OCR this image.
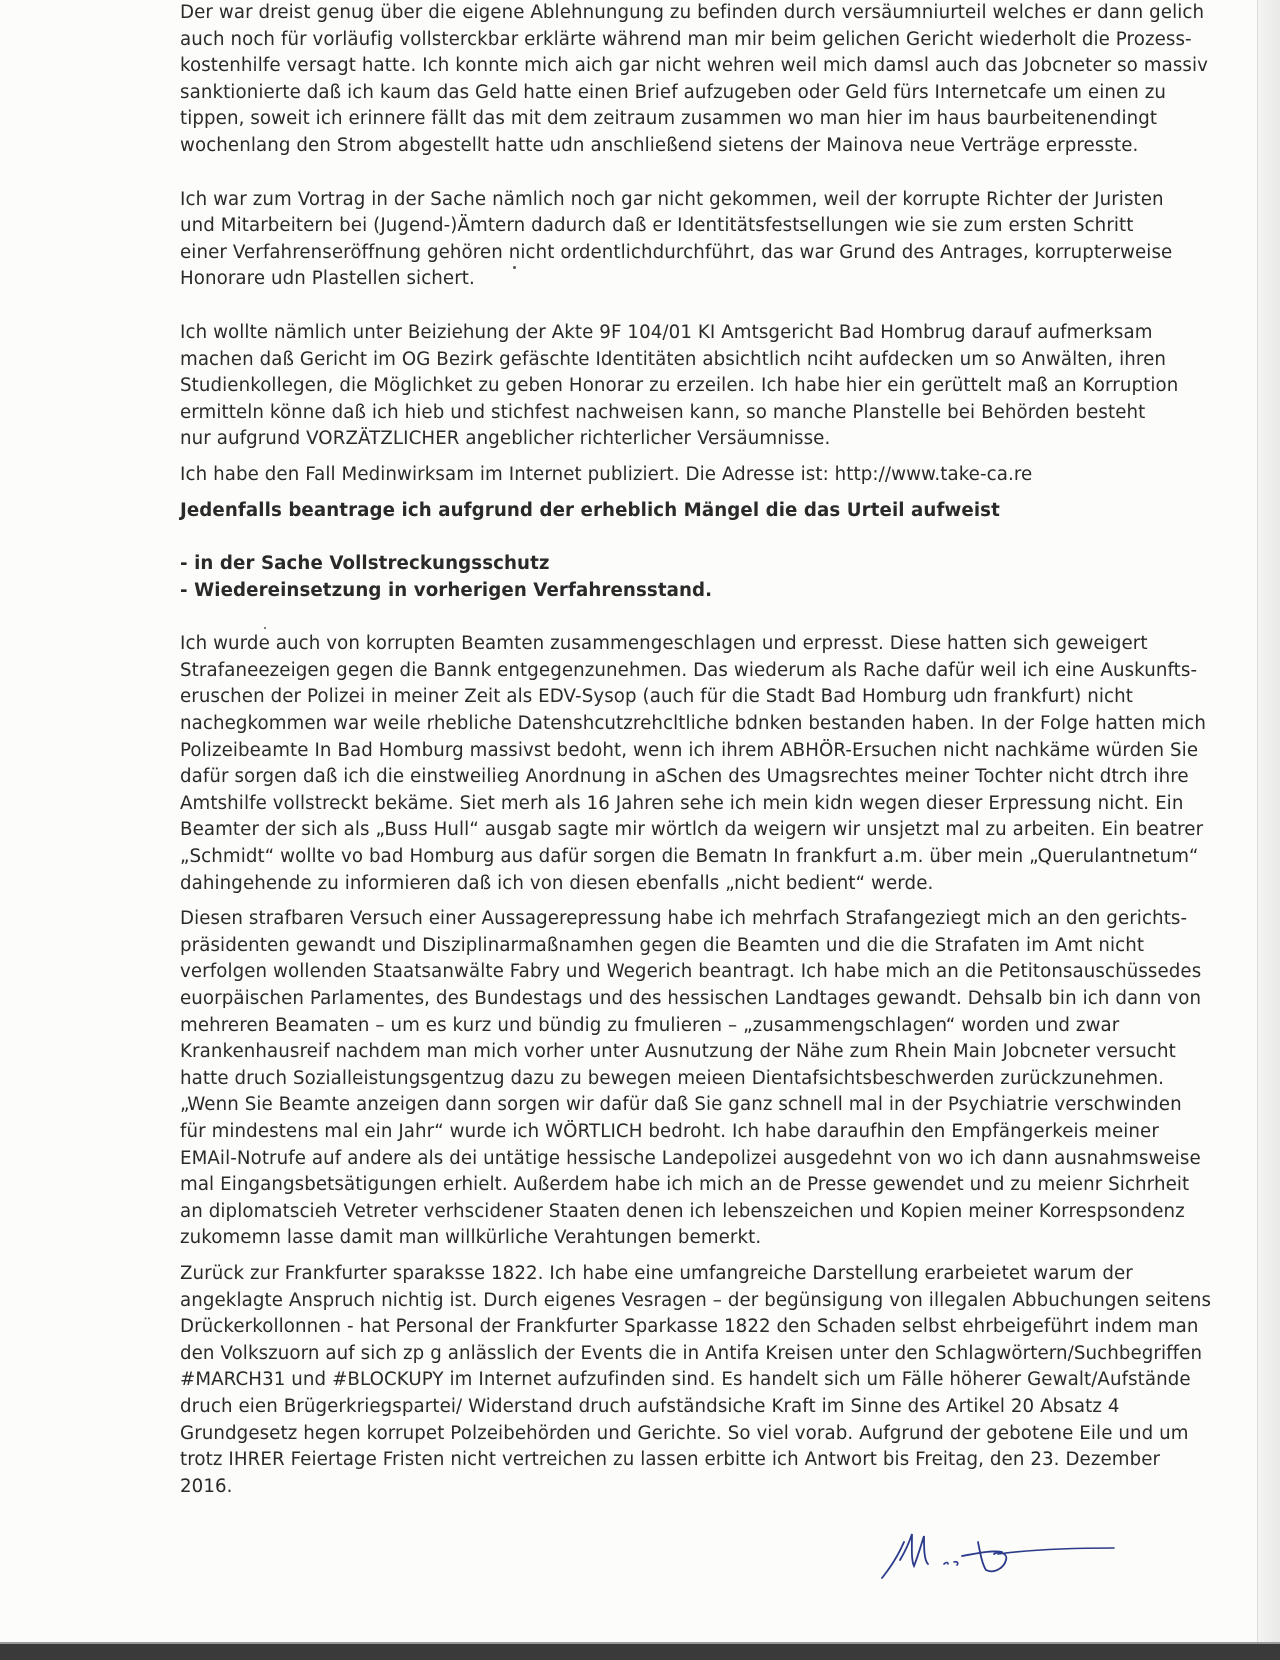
Der war dreist genug über die eigene Ablehnungung zu befinden durch versäumniurteil welches er dann gelich
auch noch für vorläufig vollsterckbar erklärte während man mir beim gelichen Gericht wiederholt die Prozess-
kostenhilfe versagt hatte. Ich konnte mich aich gar nicht wehren weil mich damsl auch das Jobcneter so massiv
sanktionierte daß ich kaum das Geld hatte einen Brief aufzugeben oder Geld fürs Internetcafe um einen zu
tippen, soweit ich erinnere fällt das mit dem zeitraum zusammen wo man hier im haus baurbeitenendingt
wochenlang den Strom abgestellt hatte udn anschließend sietens der Mainova neue Verträge erpresste.

Ich war zum Vortrag in der Sache nämlich noch gar nicht gekommen, weil der korrupte Richter der Juristen
und Mitarbeitern bei (Jugend-)Ämtern dadurch daß er Identitätsfestsellungen wie sie zum ersten Schritt
einer Verfahrenseröffnung gehören nicht ordentlichdurchführt, das war Grund des Antrages, korrupterweise
Honorare udn Plastellen sichert.

Ich wollte nämlich unter Beiziehung der Akte 9F 104/01 KI Amtsgericht Bad Hombrug darauf aufmerksam
machen daß Gericht im OG Bezirk gefäschte Identitäten absichtlich nciht aufdecken um so Anwälten, ihren
Studienkollegen, die Möglichket zu geben Honorar zu erzeilen. Ich habe hier ein gerüttelt maß an Korruption
ermitteln könne daß ich hieb und stichfest nachweisen kann, so manche Planstelle bei Behörden besteht
nur aufgrund VORZÄTZLICHER angeblicher richterlicher Versäumnisse.

Ich habe den Fall Medinwirksam im Internet publiziert. Die Adresse ist: http://www.take-ca.re

Jedenfalls beantrage ich aufgrund der erheblich Mängel die das Urteil aufweist

- in der Sache Vollstreckungsschutz
- Wiedereinsetzung in vorherigen Verfahrensstand.

Ich wurde auch von korrupten Beamten zusammengeschlagen und erpresst. Diese hatten sich geweigert
Strafaneezeigen gegen die Bannk entgegenzunehmen. Das wiederum als Rache dafür weil ich eine Auskunfts-
eruschen der Polizei in meiner Zeit als EDV-Sysop (auch für die Stadt Bad Homburg udn frankfurt) nicht
nachegkommen war weile rhebliche Datenshcutzrehcltliche bdnken bestanden haben. In der Folge hatten mich
Polizeibeamte In Bad Homburg massivst bedoht, wenn ich ihrem ABHÖR-Ersuchen nicht nachkäme würden Sie
dafür sorgen daß ich die einstweilieg Anordnung in aSchen des Umagsrechtes meiner Tochter nicht dtrch ihre
Amtshilfe vollstreckt bekäme. Siet merh als 16 Jahren sehe ich mein kidn wegen dieser Erpressung nicht. Ein
Beamter der sich als „Buss Hull“ ausgab sagte mir wörtlch da weigern wir unsjetzt mal zu arbeiten. Ein beatrer
„Schmidt“ wollte vo bad Homburg aus dafür sorgen die Bematn In frankfurt a.m. über mein „Querulantnetum“
dahingehende zu informieren daß ich von diesen ebenfalls „nicht bedient“ werde.

Diesen strafbaren Versuch einer Aussagerepressung habe ich mehrfach Strafangeziegt mich an den gerichts-
präsidenten gewandt und Disziplinarmaßnamhen gegen die Beamten und die die Strafaten im Amt nicht
verfolgen wollenden Staatsanwälte Fabry und Wegerich beantragt. Ich habe mich an die Petitonsauschüssedes
euorpäischen Parlamentes, des Bundestags und des hessischen Landtages gewandt. Dehsalb bin ich dann von
mehreren Beamaten – um es kurz und bündig zu fmulieren – „zusammengschlagen“ worden und zwar
Krankenhausreif nachdem man mich vorher unter Ausnutzung der Nähe zum Rhein Main Jobcneter versucht
hatte druch Sozialleistungsgentzug dazu zu bewegen meieen Dientafsichtsbeschwerden zurückzunehmen.
„Wenn Sie Beamte anzeigen dann sorgen wir dafür daß Sie ganz schnell mal in der Psychiatrie verschwinden
für mindestens mal ein Jahr“ wurde ich WÖRTLICH bedroht. Ich habe daraufhin den Empfängerkeis meiner
EMAil-Notrufe auf andere als dei untätige hessische Landepolizei ausgedehnt von wo ich dann ausnahmsweise
mal Eingangsbetsätigungen erhielt. Außerdem habe ich mich an de Presse gewendet und zu meienr Sichrheit
an diplomatscieh Vetreter verhscidener Staaten denen ich lebenszeichen und Kopien meiner Korrespsondenz
zukomemn lasse damit man willkürliche Verahtungen bemerkt.

Zurück zur Frankfurter sparaksse 1822. Ich habe eine umfangreiche Darstellung erarbeietet warum der
angeklagte Anspruch nichtig ist. Durch eigenes Vesragen – der begünsigung von illegalen Abbuchungen seitens
Drückerkollonnen - hat Personal der Frankfurter Sparkasse 1822 den Schaden selbst ehrbeigeführt indem man
den Volkszuorn auf sich zp g anlässlich der Events die in Antifa Kreisen unter den Schlagwörtern/Suchbegriffen
#MARCH31 und #BLOCKUPY im Internet aufzufinden sind. Es handelt sich um Fälle höherer Gewalt/Aufstände
druch eien Brügerkriegspartei/ Widerstand druch aufständsiche Kraft im Sinne des Artikel 20 Absatz 4
Grundgesetz hegen korrupet Polzeibehörden und Gerichte. So viel vorab. Aufgrund der gebotene Eile und um
trotz IHRER Feiertage Fristen nicht vertreichen zu lassen erbitte ich Antwort bis Freitag, den 23. Dezember
2016.
